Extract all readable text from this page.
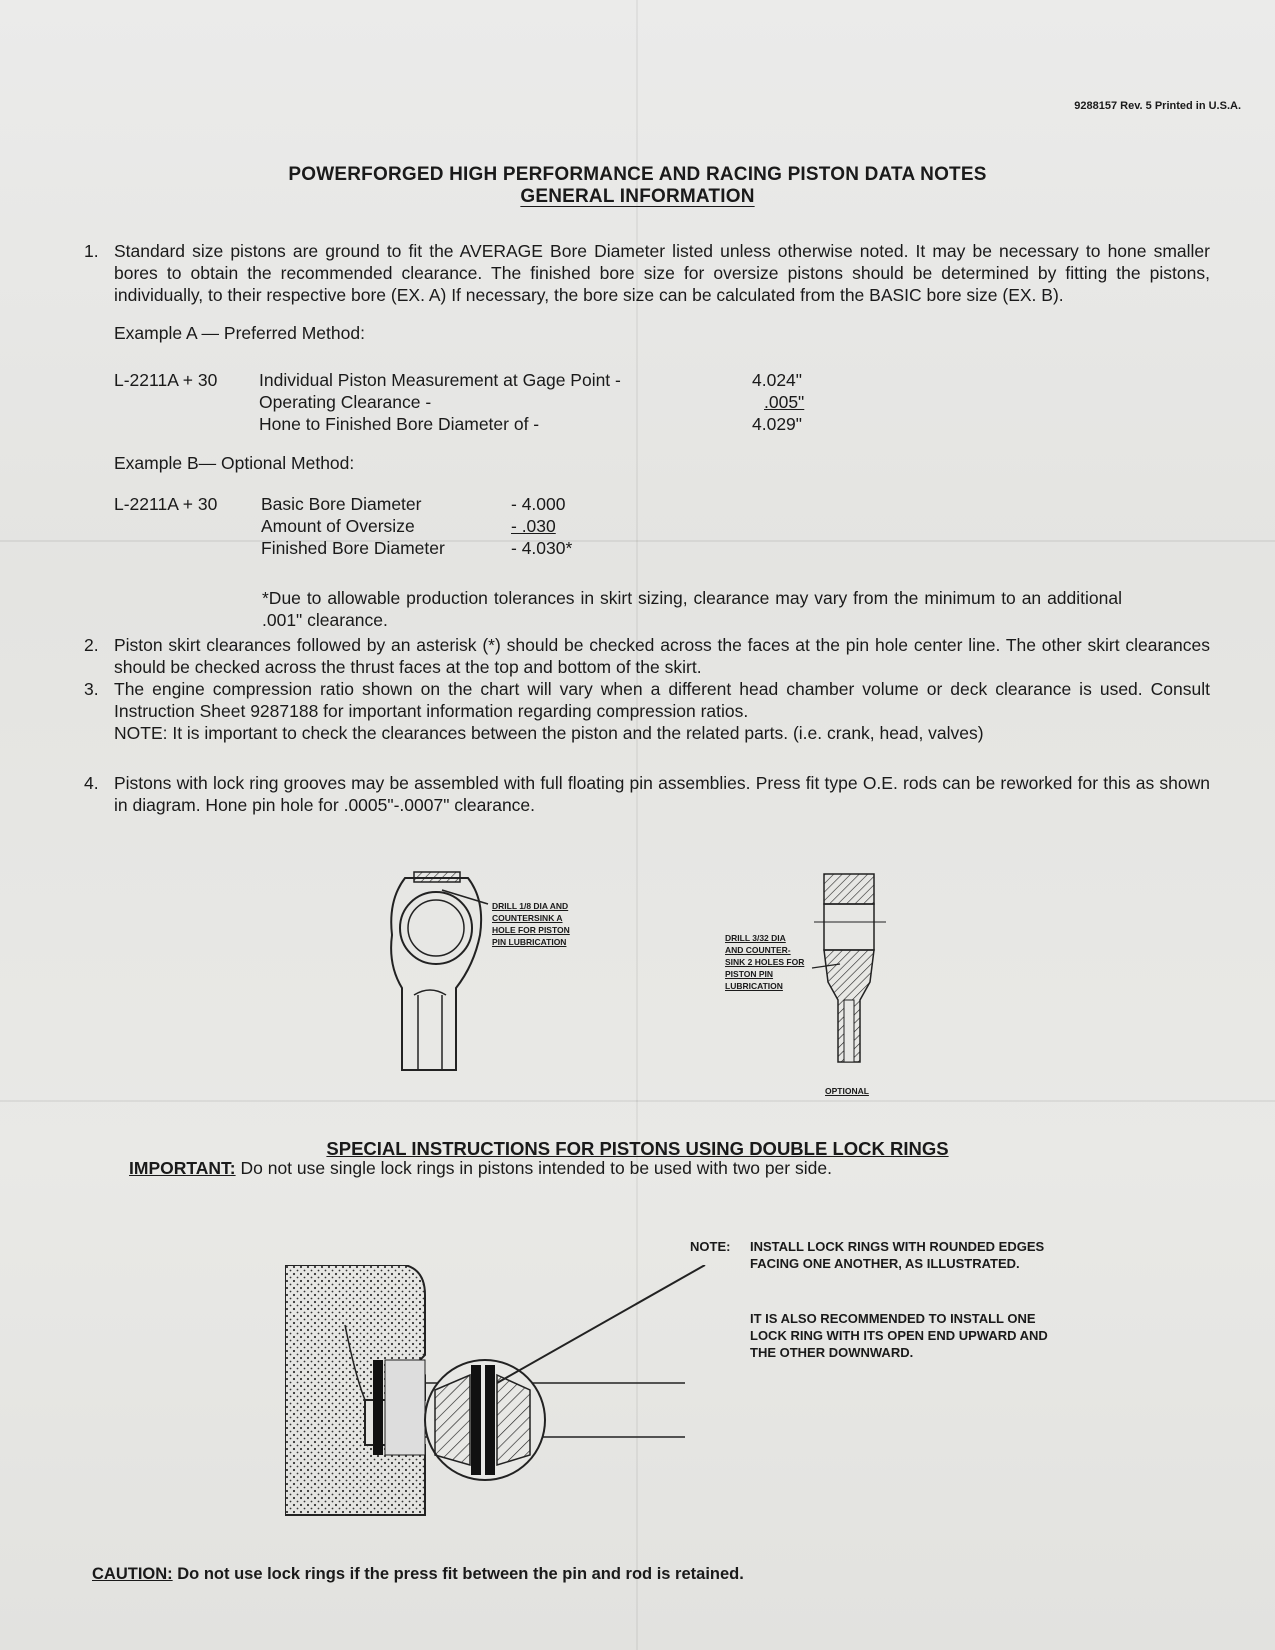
9288157 Rev. 5 Printed in U.S.A.
POWERFORGED HIGH PERFORMANCE AND RACING PISTON DATA NOTES
GENERAL INFORMATION
1. Standard size pistons are ground to fit the AVERAGE Bore Diameter listed unless otherwise noted. It may be necessary to hone smaller bores to obtain the recommended clearance. The finished bore size for oversize pistons should be determined by fitting the pistons, individually, to their respective bore (EX. A) If necessary, the bore size can be calculated from the BASIC bore size (EX. B).
Example A — Preferred Method:
L-2211A + 30 Individual Piston Measurement at Gage Point -	4.024"
Operating Clearance -	.005"
Hone to Finished Bore Diameter of -	4.029"
Example B— Optional Method:
L-2211A + 30 Basic Bore Diameter	- 4.000
Amount of Oversize	- .030
Finished Bore Diameter	- 4.030*
*Due to allowable production tolerances in skirt sizing, clearance may vary from the minimum to an additional .001" clearance.
2. Piston skirt clearances followed by an asterisk (*) should be checked across the faces at the pin hole center line. The other skirt clearances should be checked across the thrust faces at the top and bottom of the skirt.
3. The engine compression ratio shown on the chart will vary when a different head chamber volume or deck clearance is used. Consult Instruction Sheet 9287188 for important information regarding compression ratios.
NOTE: It is important to check the clearances between the piston and the related parts. (i.e. crank, head, valves)
4. Pistons with lock ring grooves may be assembled with full floating pin assemblies. Press fit type O.E. rods can be reworked for this as shown in diagram. Hone pin hole for .0005"-.0007" clearance.
DRILL 1/8 DIA AND
COUNTERSINK A
HOLE FOR PISTON
PIN LUBRICATION	DRILL 3/32 DIA
AND COUNTER-
SINK 2 HOLES FOR
PISTON PIN
LUBRICATION
OPTIONAL
SPECIAL INSTRUCTIONS FOR PISTONS USING DOUBLE LOCK RINGS
IMPORTANT: Do not use single lock rings in pistons intended to be used with two per side.
NOTE: INSTALL LOCK RINGS WITH ROUNDED EDGES FACING ONE ANOTHER, AS ILLUSTRATED.
IT IS ALSO RECOMMENDED TO INSTALL ONE LOCK RING WITH ITS OPEN END UPWARD AND THE OTHER DOWNWARD.
CAUTION: Do not use lock rings if the press fit between the pin and rod is retained.
